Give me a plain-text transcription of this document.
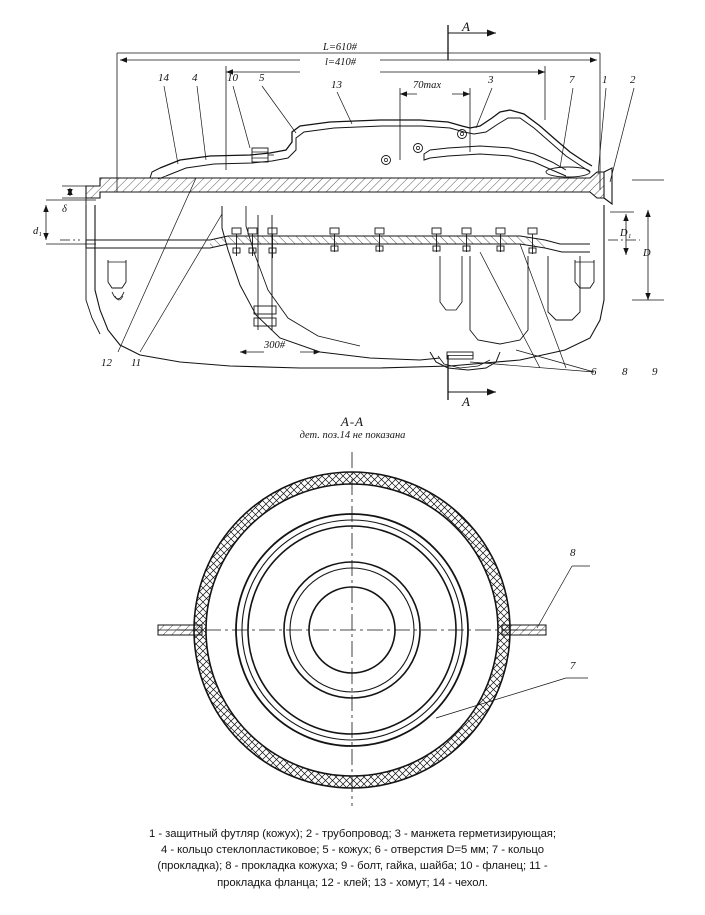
L=610#
l=410#
70max
300#
d₁
δ
D₁
D
А
А
14 4	10 5
13	3	7	1 2
12 11
6 8 9
А-А
дет. поз.14 не показана
8
7
1 - защитный футляр (кожух); 2 - трубопровод; 3 - манжета герметизирующая;
4 - кольцо стеклопластиковое; 5 - кожух; 6 - отверстия D=5 мм; 7 - кольцо
(прокладка); 8 - прокладка кожуха; 9 - болт, гайка, шайба; 10 - фланец; 11 -
прокладка фланца; 12 - клей; 13 - хомут; 14 - чехол.
